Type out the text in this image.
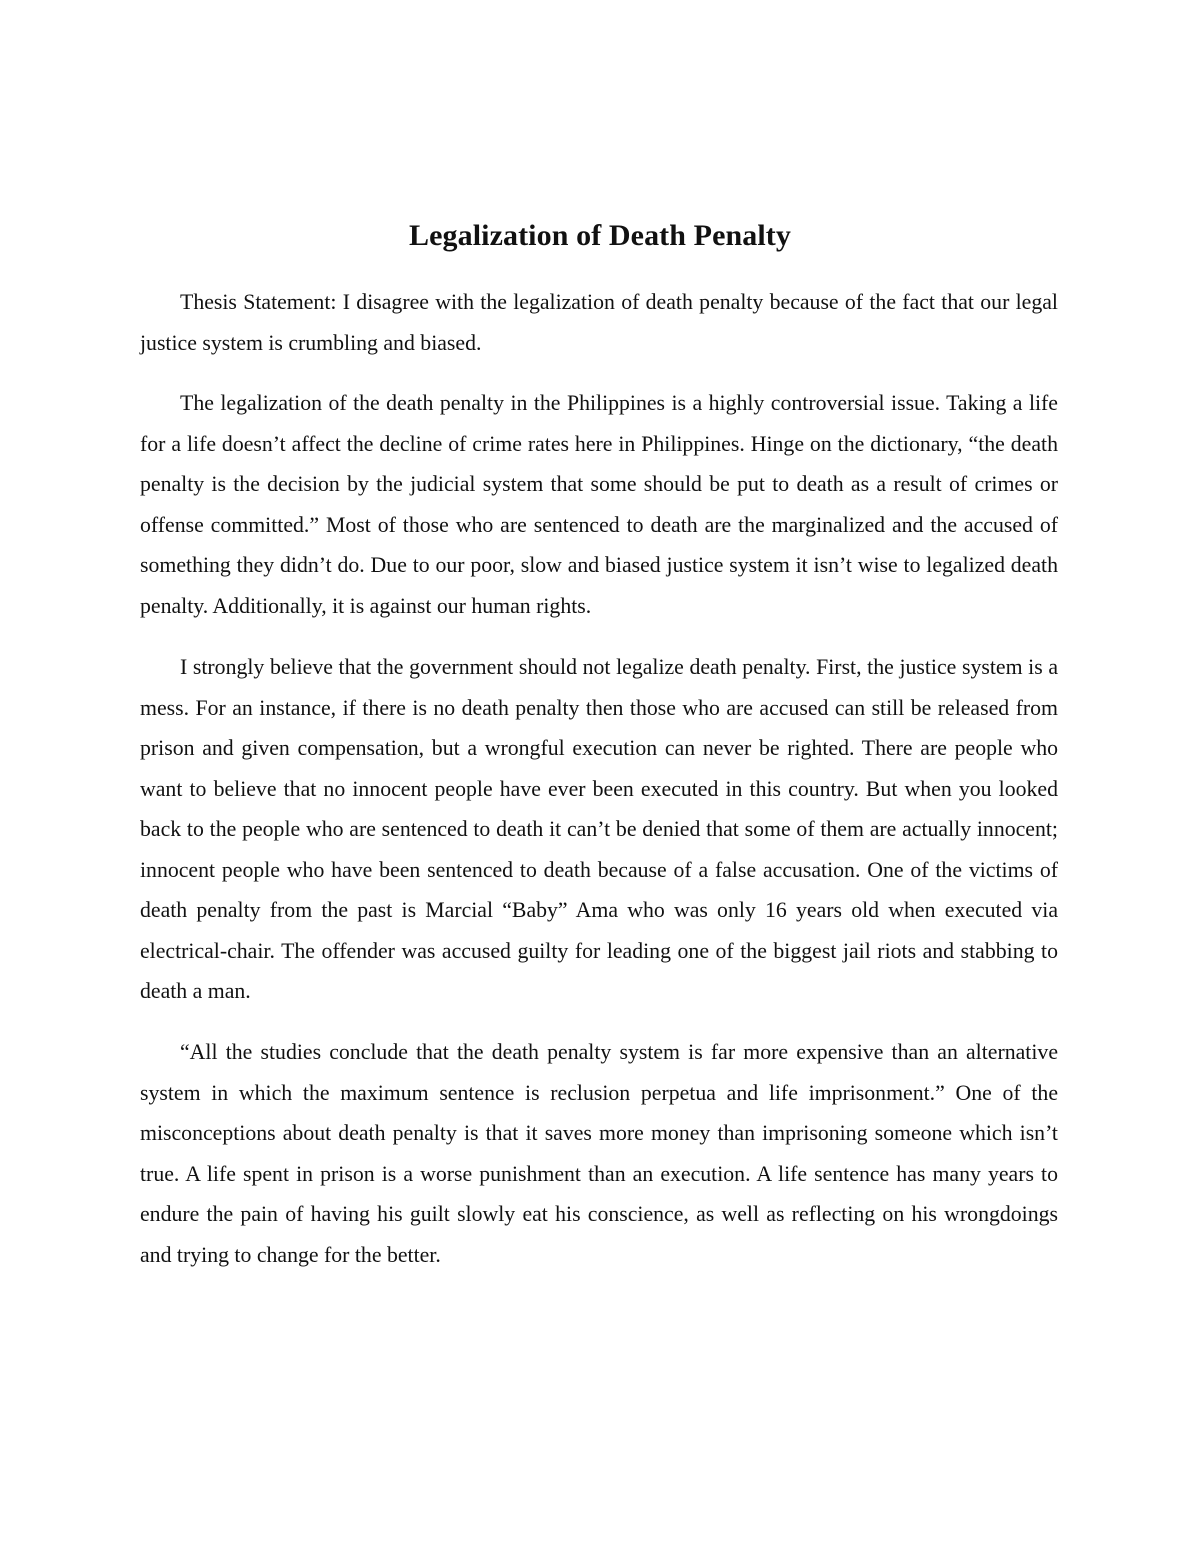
Legalization of Death Penalty

Thesis Statement: I disagree with the legalization of death penalty because of the fact that our legal justice system is crumbling and biased.

The legalization of the death penalty in the Philippines is a highly controversial issue. Taking a life for a life doesn’t affect the decline of crime rates here in Philippines. Hinge on the dictionary, “the death penalty is the decision by the judicial system that some should be put to death as a result of crimes or offense committed.” Most of those who are sentenced to death are the marginalized and the accused of something they didn’t do. Due to our poor, slow and biased justice system it isn’t wise to legalized death penalty. Additionally, it is against our human rights.

I strongly believe that the government should not legalize death penalty. First, the justice system is a mess. For an instance, if there is no death penalty then those who are accused can still be released from prison and given compensation, but a wrongful execution can never be righted. There are people who want to believe that no innocent people have ever been executed in this country. But when you looked back to the people who are sentenced to death it can’t be denied that some of them are actually innocent; innocent people who have been sentenced to death because of a false accusation. One of the victims of death penalty from the past is Marcial “Baby” Ama who was only 16 years old when executed via electrical-chair. The offender was accused guilty for leading one of the biggest jail riots and stabbing to death a man.

“All the studies conclude that the death penalty system is far more expensive than an alternative system in which the maximum sentence is reclusion perpetua and life imprisonment.” One of the misconceptions about death penalty is that it saves more money than imprisoning someone which isn’t true. A life spent in prison is a worse punishment than an execution. A life sentence has many years to endure the pain of having his guilt slowly eat his conscience, as well as reflecting on his wrongdoings and trying to change for the better.
